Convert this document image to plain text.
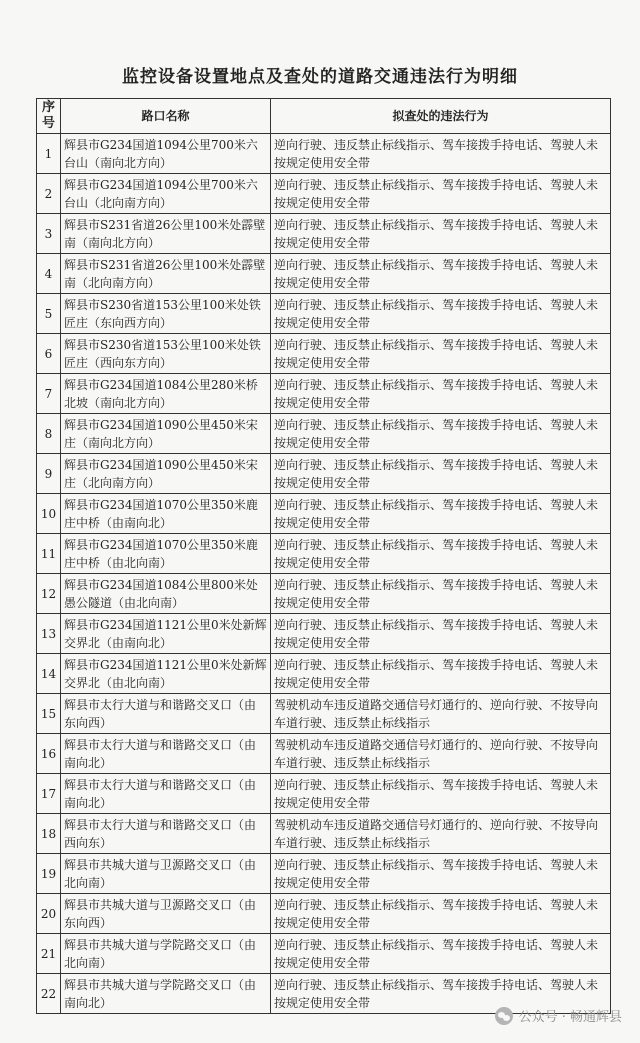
监控设备设置地点及查处的道路交通违法行为明细
序号	路口名称	拟查处的违法行为
1	辉县市G234国道1094公里700米六台山（南向北方向）	逆向行驶、违反禁止标线指示、驾车接拨手持电话、驾驶人未按规定使用安全带
2	辉县市G234国道1094公里700米六台山（北向南方向）	逆向行驶、违反禁止标线指示、驾车接拨手持电话、驾驶人未按规定使用安全带
3	辉县市S231省道26公里100米处霹壁南（南向北方向）	逆向行驶、违反禁止标线指示、驾车接拨手持电话、驾驶人未按规定使用安全带
4	辉县市S231省道26公里100米处霹壁南（北向南方向）	逆向行驶、违反禁止标线指示、驾车接拨手持电话、驾驶人未按规定使用安全带
5	辉县市S230省道153公里100米处铁匠庄（东向西方向）	逆向行驶、违反禁止标线指示、驾车接拨手持电话、驾驶人未按规定使用安全带
6	辉县市S230省道153公里100米处铁匠庄（西向东方向）	逆向行驶、违反禁止标线指示、驾车接拨手持电话、驾驶人未按规定使用安全带
7	辉县市G234国道1084公里280米桥北坡（南向北方向）	逆向行驶、违反禁止标线指示、驾车接拨手持电话、驾驶人未按规定使用安全带
8	辉县市G234国道1090公里450米宋庄（南向北方向）	逆向行驶、违反禁止标线指示、驾车接拨手持电话、驾驶人未按规定使用安全带
9	辉县市G234国道1090公里450米宋庄（北向南方向）	逆向行驶、违反禁止标线指示、驾车接拨手持电话、驾驶人未按规定使用安全带
10	辉县市G234国道1070公里350米鹿庄中桥（由南向北）	逆向行驶、违反禁止标线指示、驾车接拨手持电话、驾驶人未按规定使用安全带
11	辉县市G234国道1070公里350米鹿庄中桥（由北向南）	逆向行驶、违反禁止标线指示、驾车接拨手持电话、驾驶人未按规定使用安全带
12	辉县市G234国道1084公里800米处愚公隧道（由北向南）	逆向行驶、违反禁止标线指示、驾车接拨手持电话、驾驶人未按规定使用安全带
13	辉县市G234国道1121公里0米处新辉交界北（由南向北）	逆向行驶、违反禁止标线指示、驾车接拨手持电话、驾驶人未按规定使用安全带
14	辉县市G234国道1121公里0米处新辉交界北（由北向南）	逆向行驶、违反禁止标线指示、驾车接拨手持电话、驾驶人未按规定使用安全带
15	辉县市太行大道与和谐路交叉口（由东向西）	驾驶机动车违反道路交通信号灯通行的、逆向行驶、不按导向车道行驶、违反禁止标线指示
16	辉县市太行大道与和谐路交叉口（由南向北）	驾驶机动车违反道路交通信号灯通行的、逆向行驶、不按导向车道行驶、违反禁止标线指示
17	辉县市太行大道与和谐路交叉口（由南向北）	逆向行驶、违反禁止标线指示、驾车接拨手持电话、驾驶人未按规定使用安全带
18	辉县市太行大道与和谐路交叉口（由西向东）	驾驶机动车违反道路交通信号灯通行的、逆向行驶、不按导向车道行驶、违反禁止标线指示
19	辉县市共城大道与卫源路交叉口（由北向南）	逆向行驶、违反禁止标线指示、驾车接拨手持电话、驾驶人未按规定使用安全带
20	辉县市共城大道与卫源路交叉口（由东向西）	逆向行驶、违反禁止标线指示、驾车接拨手持电话、驾驶人未按规定使用安全带
21	辉县市共城大道与学院路交叉口（由北向南）	逆向行驶、违反禁止标线指示、驾车接拨手持电话、驾驶人未按规定使用安全带
22	辉县市共城大道与学院路交叉口（由南向北）	逆向行驶、违反禁止标线指示、驾车接拨手持电话、驾驶人未按规定使用安全带
公众号 · 畅通辉县
